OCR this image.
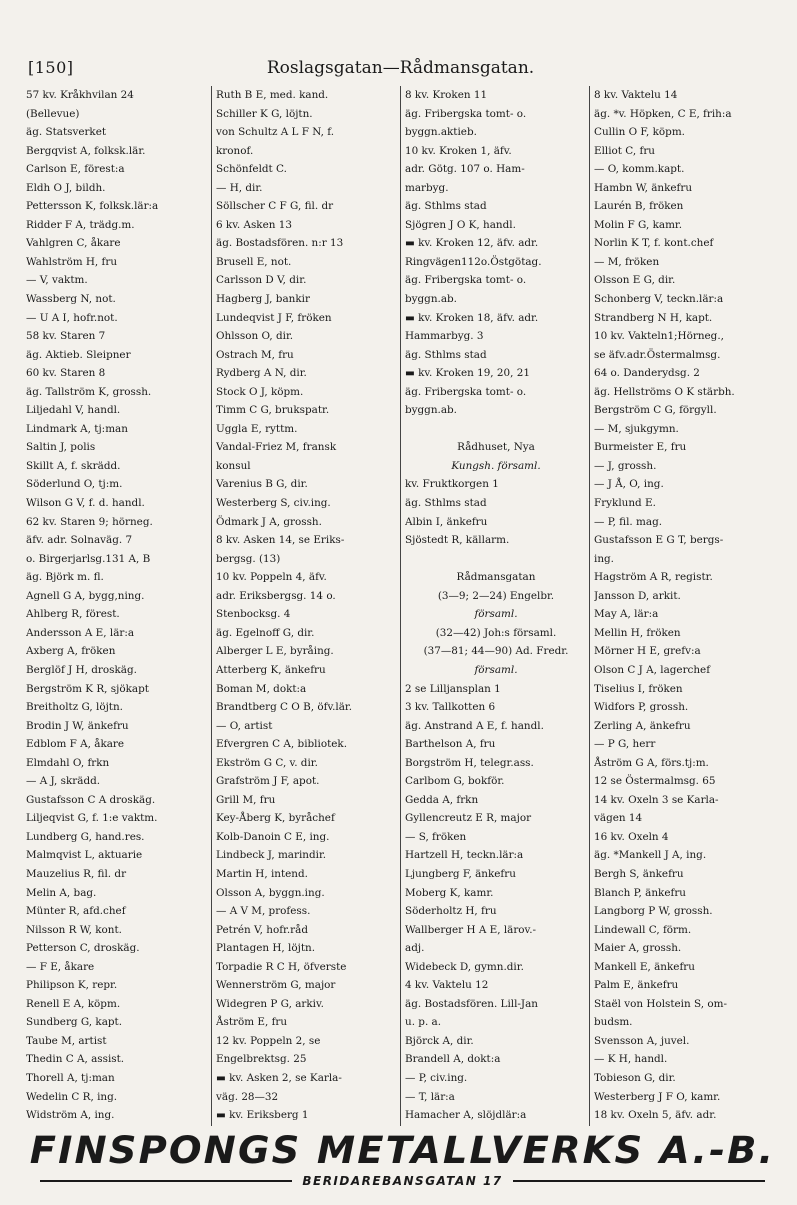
[150]	Roslagsgatan—Rådmansgatan.
57 kv. Kråkhvilan 24
(Bellevue)
äg. Statsverket
Bergqvist A, folksk.lär.
Carlson E, förest:a
Eldh O J, bildh.
Pettersson K, folksk.lär:a
Ridder F A, trädg.m.
Vahlgren C, åkare
Wahlström H, fru
— V, vaktm.
Wassberg N, not.
— U A I, hofr.not.
58 kv. Staren 7
äg. Aktieb. Sleipner
60 kv. Staren 8
äg. Tallström K, grossh.
Liljedahl V, handl.
Lindmark A, tj:man
Saltin J, polis
Skillt A, f. skrädd.
Söderlund O, tj:m.
Wilson G V, f. d. handl.
62 kv. Staren 9; hörneg.
äfv. adr. Solnaväg. 7
o. Birgerjarlsg.131 A, B
äg. Björk m. fl.
Agnell G A, bygg,ning.
Ahlberg R, förest.
Andersson A E, lär:a
Axberg A, fröken
Berglöf J H, droskäg.
Bergström K R, sjökapt
Breitholtz G, löjtn.
Brodin J W, änkefru
Edblom F A, åkare
Elmdahl O, frkn
— A J, skrädd.
Gustafsson C A droskäg.
Liljeqvist G, f. 1:e vaktm.
Lundberg G, hand.res.
Malmqvist L, aktuarie
Mauzelius R, fil. dr
Melin A, bag.
Münter R, afd.chef
Nilsson R W, kont.
Petterson C, droskäg.
— F E, åkare
Philipson K, repr.
Renell E A, köpm.
Sundberg G, kapt.
Taube M, artist
Thedin C A, assist.
Thorell A, tj:man
Wedelin C R, ing.
Widström A, ing.
Ruth B E, med. kand.
Schiller K G, löjtn.
von Schultz A L F N, f.
kronof.
Schönfeldt C.
— H, dir.
Söllscher C F G, fil. dr
6 kv. Asken 13
äg. Bostadsfören. n:r 13
Brusell E, not.
Carlsson D V, dir.
Hagberg J, bankir
Lundeqvist J F, fröken
Ohlsson O, dir.
Ostrach M, fru
Rydberg A N, dir.
Stock O J, köpm.
Timm C G, brukspatr.
Uggla E, ryttm.
Vandal-Friez M, fransk
konsul
Varenius B G, dir.
Westerberg S, civ.ing.
Ödmark J A, grossh.
8 kv. Asken 14, se Eriks-
bergsg. (13)
10 kv. Poppeln 4, äfv.
adr. Eriksbergsg. 14 o.
Stenbocksg. 4
äg. Egelnoff G, dir.
Alberger L E, byråing.
Atterberg K, änkefru
Boman M, dokt:a
Brandtberg C O B, öfv.lär.
— O, artist
Efvergren C A, bibliotek.
Ekström G C, v. dir.
Grafström J F, apot.
Grill M, fru
Key-Åberg K, byråchef
Kolb-Danoin C E, ing.
Lindbeck J, marindir.
Martin H, intend.
Olsson A, byggn.ing.
— A V M, profess.
Petrén V, hofr.råd
Plantagen H, löjtn.
Torpadie R C H, öfverste
Wennerström G, major
Widegren P G, arkiv.
Åström E, fru
12 kv. Poppeln 2, se
Engelbrektsg. 25
▬ kv. Asken 2, se Karla-
väg. 28—32
▬ kv. Eriksberg 1
8 kv. Kroken 11
äg. Fribergska tomt- o.
byggn.aktieb.
10 kv. Kroken 1, äfv.
adr. Götg. 107 o. Ham-
marbyg.
äg. Sthlms stad
Sjögren J O K, handl.
▬ kv. Kroken 12, äfv. adr.
Ringvägen112o.Östgötag.
äg. Fribergska tomt- o.
byggn.ab.
▬ kv. Kroken 18, äfv. adr.
Hammarbyg. 3
äg. Sthlms stad
▬ kv. Kroken 19, 20, 21
äg. Fribergska tomt- o.
byggn.ab.
Rådhuset, Nya
Kungsh. församl.
kv. Fruktkorgen 1
äg. Sthlms stad
Albin I, änkefru
Sjöstedt R, källarm.
Rådmansgatan
(3—9; 2—24) Engelbr.
församl.
(32—42) Joh:s församl.
(37—81; 44—90) Ad. Fredr.
församl.
2 se Lilljansplan 1
3 kv. Tallkotten 6
äg. Anstrand A E, f. handl.
Barthelson A, fru
Borgström H, telegr.ass.
Carlbom G, bokför.
Gedda A, frkn
Gyllencreutz E R, major
— S, fröken
Hartzell H, teckn.lär:a
Ljungberg F, änkefru
Moberg K, kamr.
Söderholtz H, fru
Wallberger H A E, lärov.-
adj.
Widebeck D, gymn.dir.
4 kv. Vaktelu 12
äg. Bostadsfören. Lill-Jan
u. p. a.
Björck A, dir.
Brandell A, dokt:a
— P, civ.ing.
— T, lär:a
Hamacher A, slöjdlär:a
8 kv. Vaktelu 14
äg. *v. Höpken, C E, frih:a
Cullin O F, köpm.
Elliot C, fru
— O, komm.kapt.
Hambn W, änkefru
Laurén B, fröken
Molin F G, kamr.
Norlin K T, f. kont.chef
— M, fröken
Olsson E G, dir.
Schonberg V, teckn.lär:a
Strandberg N H, kapt.
10 kv. Vakteln1;Hörneg.,
se äfv.adr.Östermalmsg.
64 o. Danderydsg. 2
äg. Hellströms O K stärbh.
Bergström C G, förgyll.
— M, sjukgymn.
Burmeister E, fru
— J, grossh.
— J Å, O, ing.
Fryklund E.
— P, fil. mag.
Gustafsson E G T, bergs-
ing.
Hagström A R, registr.
Jansson D, arkit.
May A, lär:a
Mellin H, fröken
Mörner H E, grefv:a
Olson C J A, lagerchef
Tiselius I, fröken
Widfors P, grossh.
Zerling A, änkefru
— P G, herr
Åström G A, förs.tj:m.
12 se Östermalmsg. 65
14 kv. Oxeln 3 se Karla-
vägen 14
16 kv. Oxeln 4
äg. *Mankell J A, ing.
Bergh S, änkefru
Blanch P, änkefru
Langborg P W, grossh.
Lindewall C, förm.
Maier A, grossh.
Mankell E, änkefru
Palm E, änkefru
Staël von Holstein S, om-
budsm.
Svensson A, juvel.
— K H, handl.
Tobieson G, dir.
Westerberg J F O, kamr.
18 kv. Oxeln 5, äfv. adr.
FINSPONGS METALLVERKS A.-B.
BERIDAREBANSGATAN 17
